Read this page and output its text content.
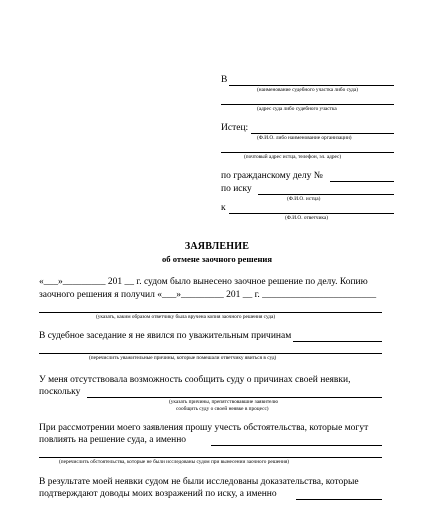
В
(наименование судебного участка либо суда)
(адрес суда либо судебного участка
Истец:
(Ф.И.О. либо наименование организации)
(почтовый адрес истца, телефон, эл. адрес)
по гражданскому делу №
по иску
(Ф.И.О. истца)
к
(Ф.И.О. ответчика)
ЗАЯВЛЕНИЕ
об отмене заочного решения
«___»_________ 201 __ г. судом было вынесено заочное решение по делу. Копию
заочного решения я получил «___»_________ 201 __ г. ________________________
(указать, каким образом ответчику была вручена копия заочного решения суда)
В судебное заседание я не явился по уважительным причинам
(перечислить уважительные причины, которые помешали ответчику явиться в суд)
У меня отсутствовала возможность сообщить суду о причинах своей неявки,
поскольку
(указать причины, препятствовавшие заявителю
сообщить суду о своей неявке в процесс)
При рассмотрении моего заявления прошу учесть обстоятельства, которые могут
повлиять на решение суда, а именно
(перечислить обстоятельства, которые не были исследованы судом при вынесении заочного решения)
В результате моей неявки судом не были исследованы доказательства, которые
подтверждают доводы моих возражений по иску, а именно
